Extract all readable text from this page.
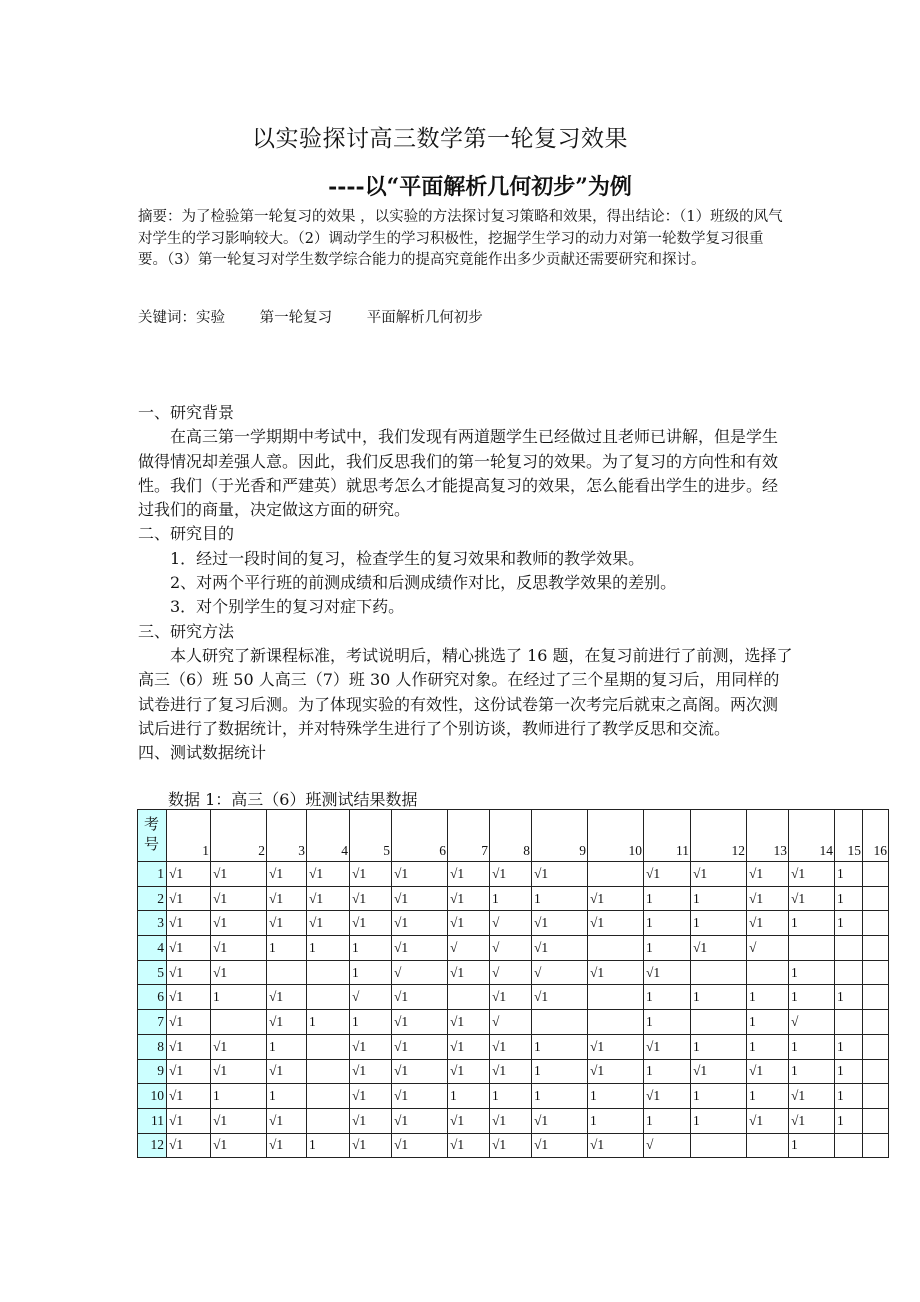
以实验探讨高三数学第一轮复习效果
----以“平面解析几何初步”为例
摘要：为了检验第一轮复习的效果 ，以实验的方法探讨复习策略和效果，得出结论：（1）班级的风气对学生的学习影响较大。（2）调动学生的学习积极性，挖掘学生学习的动力对第一轮数学复习很重要。（3）第一轮复习对学生数学综合能力的提高究竟能作出多少贡献还需要研究和探讨。
关键词：实验 第一轮复习 平面解析几何初步

一、研究背景

在高三第一学期期中考试中，我们发现有两道题学生已经做过且老师已讲解，但是学生做得情况却差强人意。因此，我们反思我们的第一轮复习的效果。为了复习的方向性和有效性。我们（于光香和严建英）就思考怎么才能提高复习的效果，怎么能看出学生的进步。经过我们的商量，决定做这方面的研究。

二、研究目的

1．经过一段时间的复习，检查学生的复习效果和教师的教学效果。

2、对两个平行班的前测成绩和后测成绩作对比，反思教学效果的差别。

3．对个别学生的复习对症下药。

三、研究方法

本人研究了新课程标准，考试说明后，精心挑选了 16 题，在复习前进行了前测，选择了高三（6）班 50 人高三（7）班 30 人作研究对象。在经过了三个星期的复习后，用同样的试卷进行了复习后测。为了体现实验的有效性，这份试卷第一次考完后就束之高阁。两次测试后进行了数据统计，并对特殊学生进行了个别访谈，教师进行了教学反思和交流。

四、测试数据统计

数据 1：高三（6）班测试结果数据
考
号	1	2	3	4	5	6	7	8	9	10	11	12	13	14	15	16
1	√1	√1	√1	√1	√1	√1	√1	√1	√1		√1	√1	√1	√1	1	
2	√1	√1	√1	√1	√1	√1	√1	1	1	√1	1	1	√1	√1	1	
3	√1	√1	√1	√1	√1	√1	√1	√	√1	√1	1	1	√1	1	1	
4	√1	√1	1	1	1	√1	√	√	√1		1	√1	√			
5	√1	√1			1	√	√1	√	√	√1	√1			1		
6	√1	1	√1		√	√1		√1	√1		1	1	1	1	1	
7	√1		√1	1	1	√1	√1	√			1		1	√		
8	√1	√1	1		√1	√1	√1	√1	1	√1	√1	1	1	1	1	
9	√1	√1	√1		√1	√1	√1	√1	1	√1	1	√1	√1	1	1	
10	√1	1	1		√1	√1	1	1	1	1	√1	1	1	√1	1	
11	√1	√1	√1		√1	√1	√1	√1	√1	1	1	1	√1	√1	1	
12	√1	√1	√1	1	√1	√1	√1	√1	√1	√1	√			1		
